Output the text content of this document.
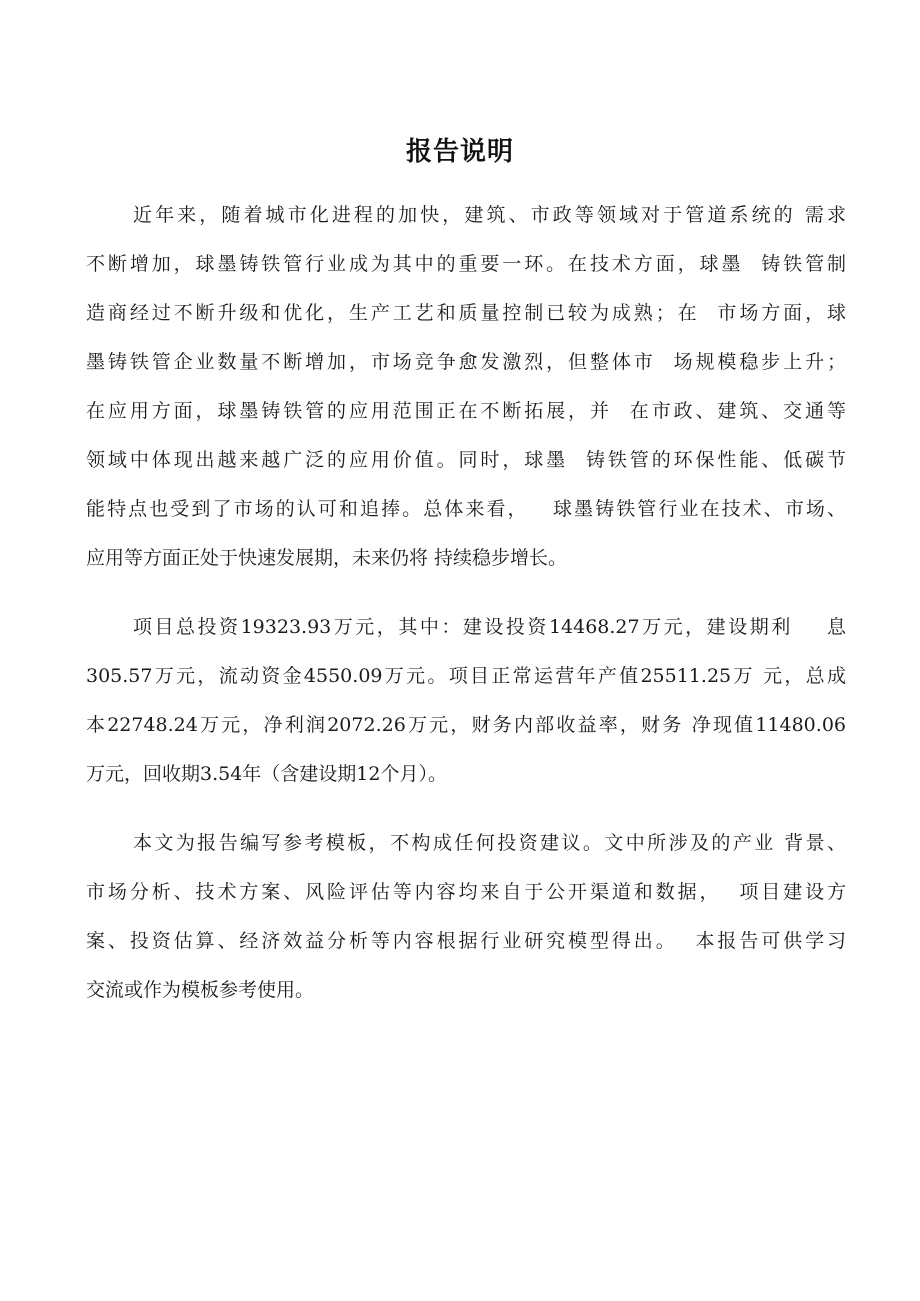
报告说明
近年来，随着城市化进程的加快，建筑、市政等领域对于管道系统的 需求
不断增加，球墨铸铁管行业成为其中的重要一环。在技术方面，球墨  铸铁管制
造商经过不断升级和优化，生产工艺和质量控制已较为成熟；在  市场方面，球
墨铸铁管企业数量不断增加，市场竞争愈发激烈，但整体市  场规模稳步上升；
在应用方面，球墨铸铁管的应用范围正在不断拓展，并  在市政、建筑、交通等
领域中体现出越来越广泛的应用价值。同时，球墨  铸铁管的环保性能、低碳节
能特点也受到了市场的认可和追捧。总体来看，   球墨铸铁管行业在技术、市场、
应用等方面正处于快速发展期，未来仍将 持续稳步增长。
项目总投资19323.93万元，其中：建设投资14468.27万元，建设期利    息
305.57万元，流动资金4550.09万元。项目正常运营年产值25511.25万 元，总成
本22748.24万元，净利润2072.26万元，财务内部收益率，财务 净现值11480.06
万元，回收期3.54年（含建设期12个月）。
本文为报告编写参考模板，不构成任何投资建议。文中所涉及的产业 背景、
市场分析、技术方案、风险评估等内容均来自于公开渠道和数据，  项目建设方
案、投资估算、经济效益分析等内容根据行业研究模型得出。  本报告可供学习
交流或作为模板参考使用。
